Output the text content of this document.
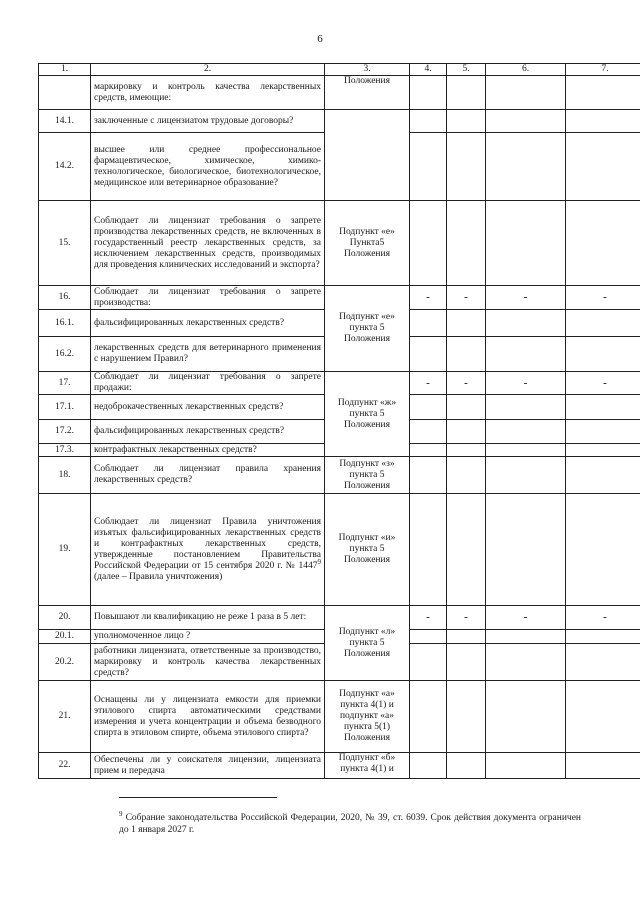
6
1.	2.	3.	4.	5.	6.	7.
	маркировку и контроль качества лекарственных средств, имеющие:	Положения				
14.1.	заключенные с лицензиатом трудовые договоры?					
14.2.	высшее или среднее профессиональное фармацевтическое, химическое, химико-технологическое, биологическое, биотехнологическое, медицинское или ветеринарное образование?					
15.	Соблюдает ли лицензиат требования о запрете производства лекарственных средств, не включенных в государственный реестр лекарственных средств, за исключением лекарственных средств, производимых для проведения клинических исследований и экспорта?	Подпункт «е» Пункта5 Положения				
16.	Соблюдает ли лицензиат требования о запрете производства:	Подпункт «е» пункта 5 Положения	-	-	-	-
16.1.	фальсифицированных лекарственных средств?					
16.2.	лекарственных средств для ветеринарного применения с нарушением Правил?					
17.	Соблюдает ли лицензиат требования о запрете продажи:	Подпункт «ж» пункта 5 Положения	-	-	-	-
17.1.	недоброкачественных лекарственных средств?					
17.2.	фальсифицированных лекарственных средств?					
17.3.	контрафактных лекарственных средств?					
18.	Соблюдает ли лицензиат правила хранения лекарственных средств?	Подпункт «з» пункта 5 Положения				
19.	Соблюдает ли лицензиат Правила уничтожения изъятых фальсифицированных лекарственных средств и контрафактных лекарственных средств, утвержденные постановлением Правительства Российской Федерации от 15 сентября 2020 г. № 1447$^9$ (далее – Правила уничтожения)	Подпункт «и» пункта 5 Положения				
20.	Повышают ли квалификацию не реже 1 раза в 5 лет:	Подпункт «л» пункта 5 Положения	-	-	-	-
20.1.	уполномоченное лицо ?					
20.2.	работники лицензиата, ответственные за производство, маркировку и контроль качества лекарственных средств?					
21.	Оснащены ли у лицензиата емкости для приемки этилового спирта автоматическими средствами измерения и учета концентрации и объема безводного спирта в этиловом спирте, объема этилового спирта?	Подпункт «а» пункта 4(1) и подпункт «а» пункта 5(1) Положения				
22.	Обеспечены ли у соискателя лицензии, лицензиата прием и передача	Подпункт «б» пункта 4(1) и				
$^9$ Собрание законодательства Российской Федерации, 2020, № 39, ст. 6039. Срок действия документа ограничен до 1 января 2027 г.
